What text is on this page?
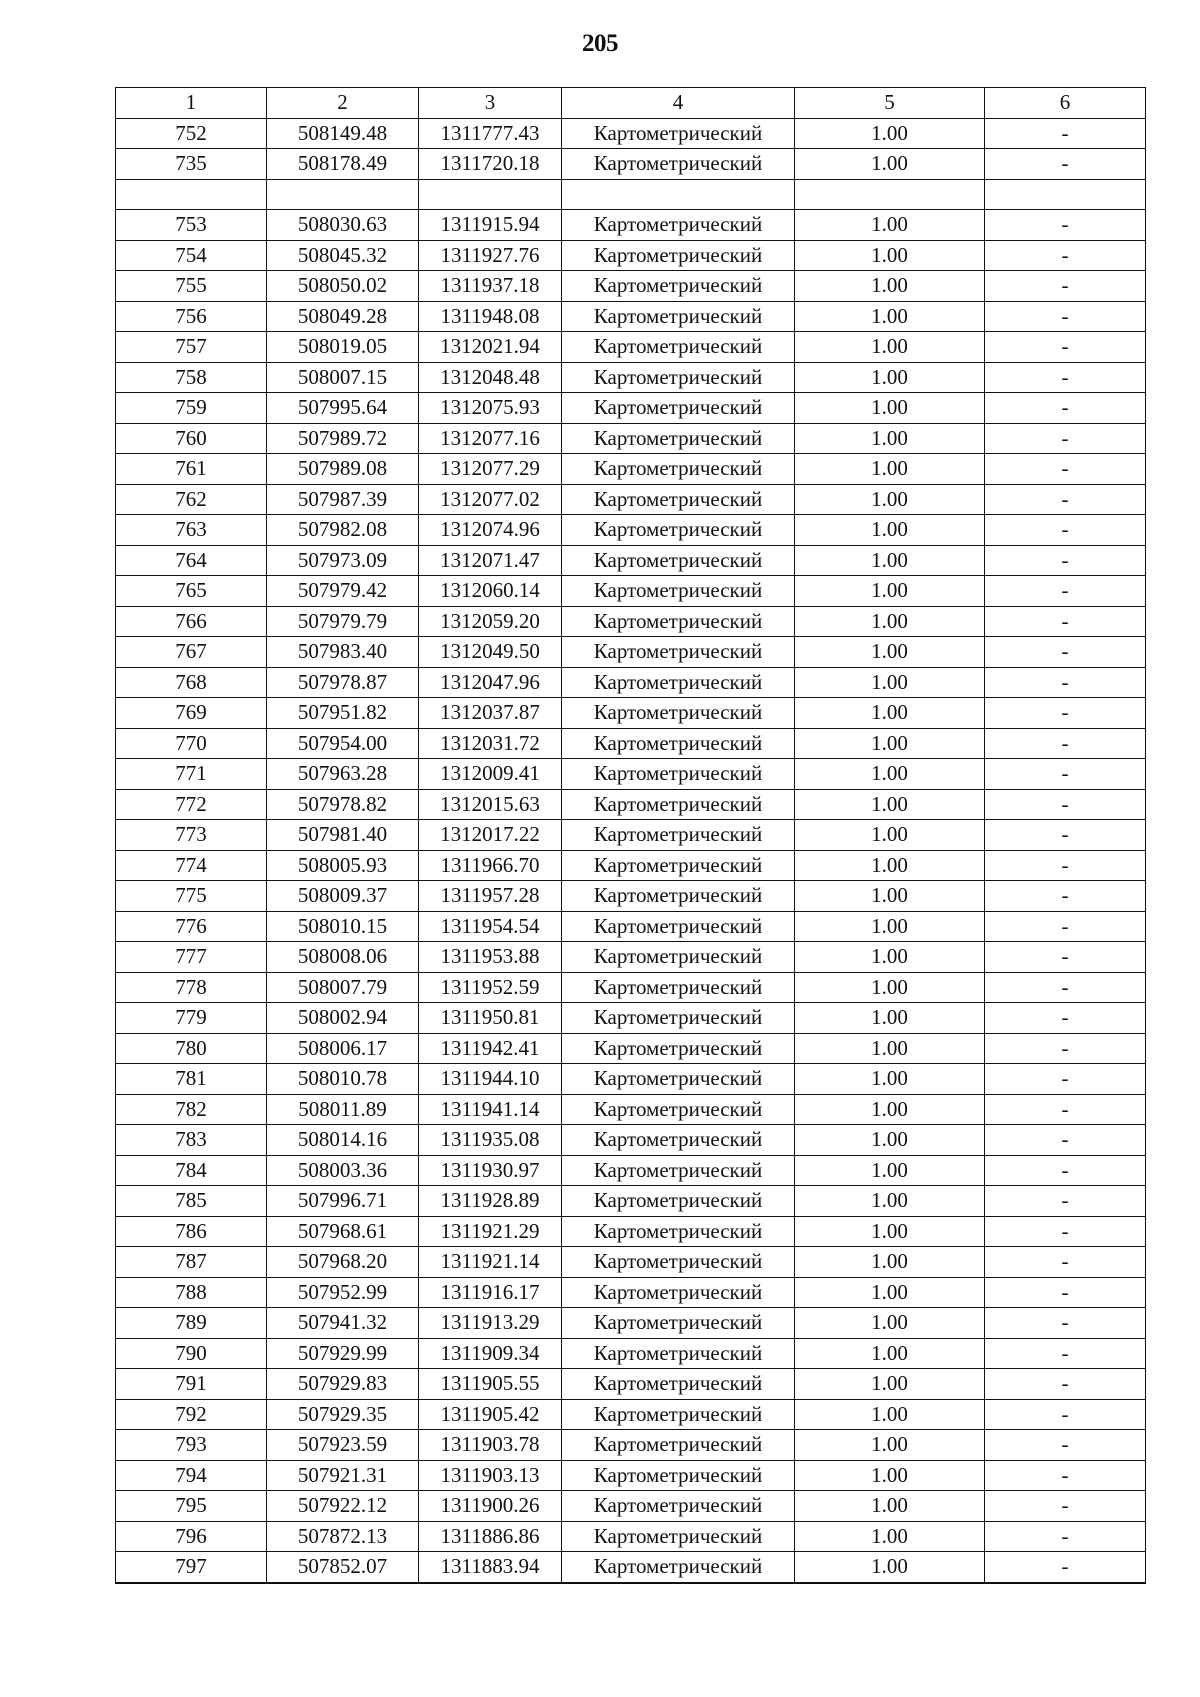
205
1	2	3	4	5	6
752	508149.48	1311777.43	Картометрический	1.00	-
735	508178.49	1311720.18	Картометрический	1.00	-

753	508030.63	1311915.94	Картометрический	1.00	-
754	508045.32	1311927.76	Картометрический	1.00	-
755	508050.02	1311937.18	Картометрический	1.00	-
756	508049.28	1311948.08	Картометрический	1.00	-
757	508019.05	1312021.94	Картометрический	1.00	-
758	508007.15	1312048.48	Картометрический	1.00	-
759	507995.64	1312075.93	Картометрический	1.00	-
760	507989.72	1312077.16	Картометрический	1.00	-
761	507989.08	1312077.29	Картометрический	1.00	-
762	507987.39	1312077.02	Картометрический	1.00	-
763	507982.08	1312074.96	Картометрический	1.00	-
764	507973.09	1312071.47	Картометрический	1.00	-
765	507979.42	1312060.14	Картометрический	1.00	-
766	507979.79	1312059.20	Картометрический	1.00	-
767	507983.40	1312049.50	Картометрический	1.00	-
768	507978.87	1312047.96	Картометрический	1.00	-
769	507951.82	1312037.87	Картометрический	1.00	-
770	507954.00	1312031.72	Картометрический	1.00	-
771	507963.28	1312009.41	Картометрический	1.00	-
772	507978.82	1312015.63	Картометрический	1.00	-
773	507981.40	1312017.22	Картометрический	1.00	-
774	508005.93	1311966.70	Картометрический	1.00	-
775	508009.37	1311957.28	Картометрический	1.00	-
776	508010.15	1311954.54	Картометрический	1.00	-
777	508008.06	1311953.88	Картометрический	1.00	-
778	508007.79	1311952.59	Картометрический	1.00	-
779	508002.94	1311950.81	Картометрический	1.00	-
780	508006.17	1311942.41	Картометрический	1.00	-
781	508010.78	1311944.10	Картометрический	1.00	-
782	508011.89	1311941.14	Картометрический	1.00	-
783	508014.16	1311935.08	Картометрический	1.00	-
784	508003.36	1311930.97	Картометрический	1.00	-
785	507996.71	1311928.89	Картометрический	1.00	-
786	507968.61	1311921.29	Картометрический	1.00	-
787	507968.20	1311921.14	Картометрический	1.00	-
788	507952.99	1311916.17	Картометрический	1.00	-
789	507941.32	1311913.29	Картометрический	1.00	-
790	507929.99	1311909.34	Картометрический	1.00	-
791	507929.83	1311905.55	Картометрический	1.00	-
792	507929.35	1311905.42	Картометрический	1.00	-
793	507923.59	1311903.78	Картометрический	1.00	-
794	507921.31	1311903.13	Картометрический	1.00	-
795	507922.12	1311900.26	Картометрический	1.00	-
796	507872.13	1311886.86	Картометрический	1.00	-
797	507852.07	1311883.94	Картометрический	1.00	-
